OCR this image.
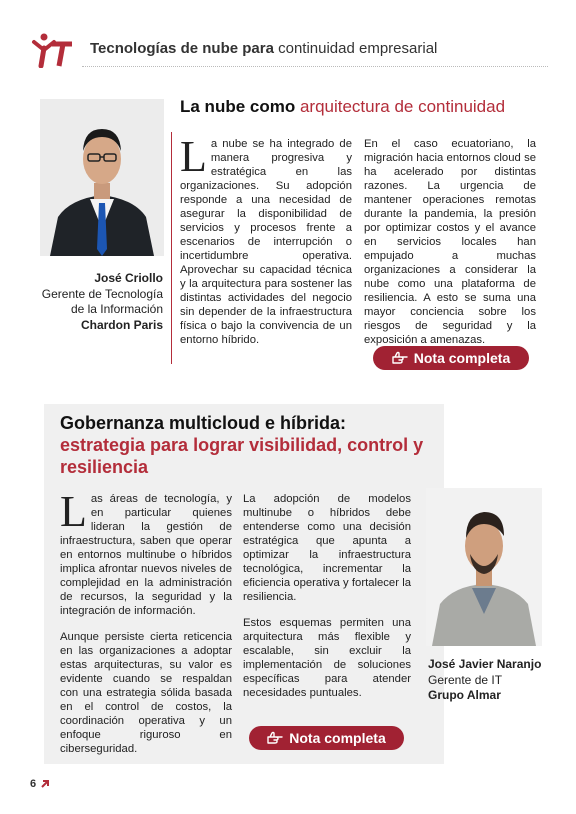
Tecnologías de nube para continuidad empresarial
José Criollo
Gerente de Tecnología de la Información
Chardon Paris
La nube como arquitectura de continuidad
La nube se ha integrado de manera progresiva y estratégica en las organizaciones. Su adopción responde a una necesidad de asegurar la disponibilidad de servicios y procesos frente a escenarios de interrupción o incertidumbre operativa. Aprovechar su capacidad técnica y la arquitectura para sostener las distintas actividades del negocio sin depender de la infraestructura física o bajo la convivencia de un entorno híbrido.
En el caso ecuatoriano, la migración hacia entornos cloud se ha acelerado por distintas razones. La urgencia de mantener operaciones remotas durante la pandemia, la presión por optimizar costos y el avance en servicios locales han empujado a muchas organizaciones a considerar la nube como una plataforma de resiliencia. A esto se suma una mayor conciencia sobre los riesgos de seguridad y la exposición a amenazas.
Nota completa
Gobernanza multicloud e híbrida:
estrategia para lograr visibilidad, control y resiliencia

Las áreas de tecnología, y en particular quienes lideran la gestión de infraestructura, saben que operar en entornos multinube o híbridos implica afrontar nuevos niveles de complejidad en la administración de recursos, la seguridad y la integración de información.

Aunque persiste cierta reticencia en las organizaciones a adoptar estas arquitecturas, su valor es evidente cuando se respaldan con una estrategia sólida basada en el control de costos, la coordinación operativa y un enfoque riguroso en ciberseguridad.

La adopción de modelos multinube o híbridos debe entenderse como una decisión estratégica que apunta a optimizar la infraestructura tecnológica, incrementar la eficiencia operativa y fortalecer la resiliencia.

Estos esquemas permiten una arquitectura más flexible y escalable, sin excluir la implementación de soluciones específicas para atender necesidades puntuales.

José Javier Naranjo
Gerente de IT
Grupo Almar
Nota completa
6
